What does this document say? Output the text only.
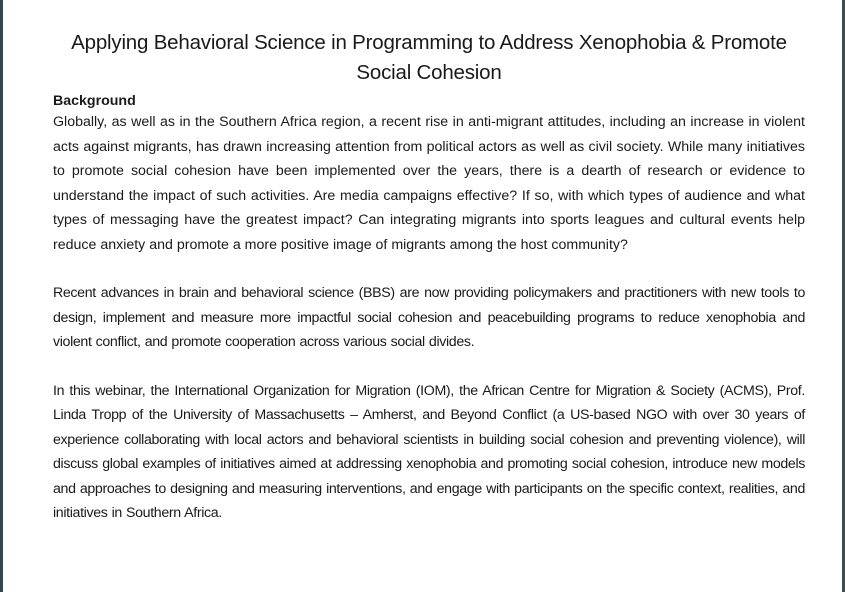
Applying Behavioral Science in Programming to Address Xenophobia & Promote Social Cohesion
Background

Globally, as well as in the Southern Africa region, a recent rise in anti-migrant attitudes, including an increase in violent acts against migrants, has drawn increasing attention from political actors as well as civil society. While many initiatives to promote social cohesion have been implemented over the years, there is a dearth of research or evidence to understand the impact of such activities. Are media campaigns effective? If so, with which types of audience and what types of messaging have the greatest impact? Can integrating migrants into sports leagues and cultural events help reduce anxiety and promote a more positive image of migrants among the host community?

Recent advances in brain and behavioral science (BBS) are now providing policymakers and practitioners with new tools to design, implement and measure more impactful social cohesion and peacebuilding programs to reduce xenophobia and violent conflict, and promote cooperation across various social divides.

In this webinar, the International Organization for Migration (IOM), the African Centre for Migration & Society (ACMS), Prof. Linda Tropp of the University of Massachusetts – Amherst, and Beyond Conflict (a US-based NGO with over 30 years of experience collaborating with local actors and behavioral scientists in building social cohesion and preventing violence), will discuss global examples of initiatives aimed at addressing xenophobia and promoting social cohesion, introduce new models and approaches to designing and measuring interventions, and engage with participants on the specific context, realities, and initiatives in Southern Africa.
